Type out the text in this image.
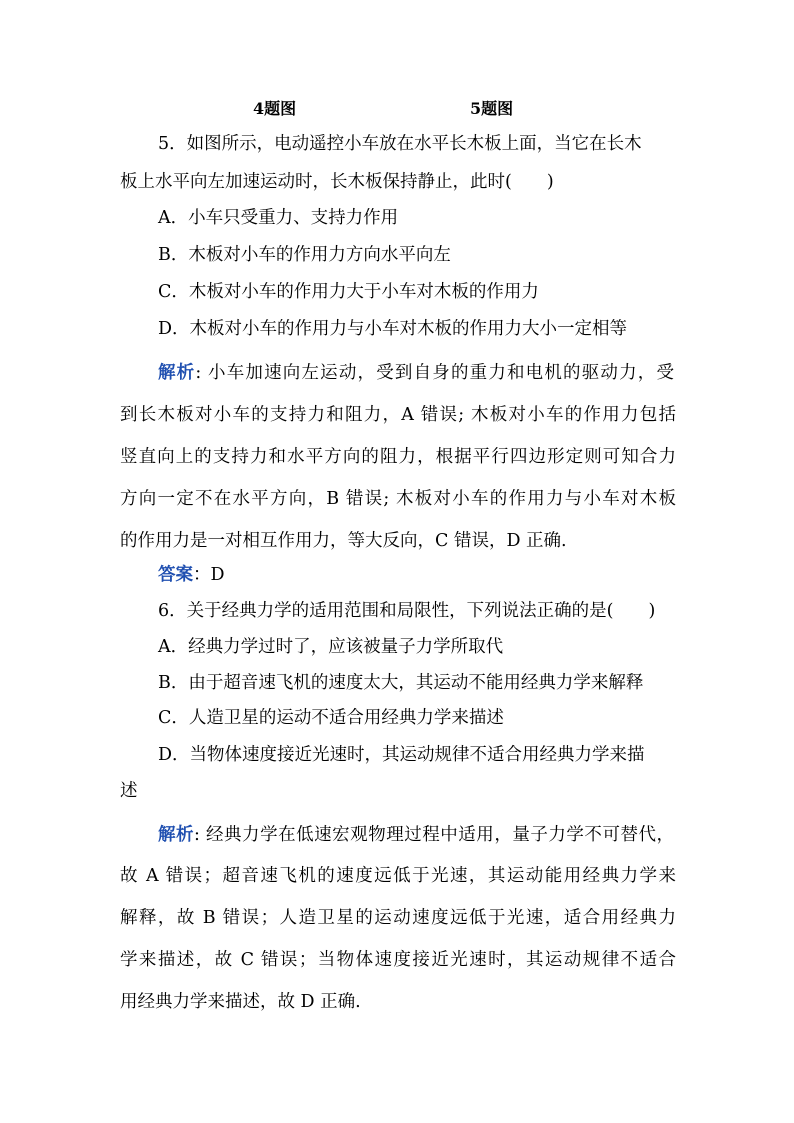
4题图	5题图
5．如图所示，电动遥控小车放在水平长木板上面，当它在长木
板上水平向左加速运动时，长木板保持静止，此时(　　)
A．小车只受重力、支持力作用
B．木板对小车的作用力方向水平向左
C．木板对小车的作用力大于小车对木板的作用力
D．木板对小车的作用力与小车对木板的作用力大小一定相等
解析: 小车加速向左运动，受到自身的重力和电机的驱动力，受
到长木板对小车的支持力和阻力，A 错误; 木板对小车的作用力包括
竖直向上的支持力和水平方向的阻力，根据平行四边形定则可知合力
方向一定不在水平方向，B 错误; 木板对小车的作用力与小车对木板
的作用力是一对相互作用力，等大反向，C 错误，D 正确.
答案：D
6．关于经典力学的适用范围和局限性，下列说法正确的是(　　)
A．经典力学过时了，应该被量子力学所取代
B．由于超音速飞机的速度太大，其运动不能用经典力学来解释
C．人造卫星的运动不适合用经典力学来描述
D．当物体速度接近光速时，其运动规律不适合用经典力学来描
述
解析: 经典力学在低速宏观物理过程中适用，量子力学不可替代，
故 A 错误；超音速飞机的速度远低于光速，其运动能用经典力学来
解释，故 B 错误；人造卫星的运动速度远低于光速，适合用经典力
学来描述，故 C 错误；当物体速度接近光速时，其运动规律不适合
用经典力学来描述，故 D 正确.
